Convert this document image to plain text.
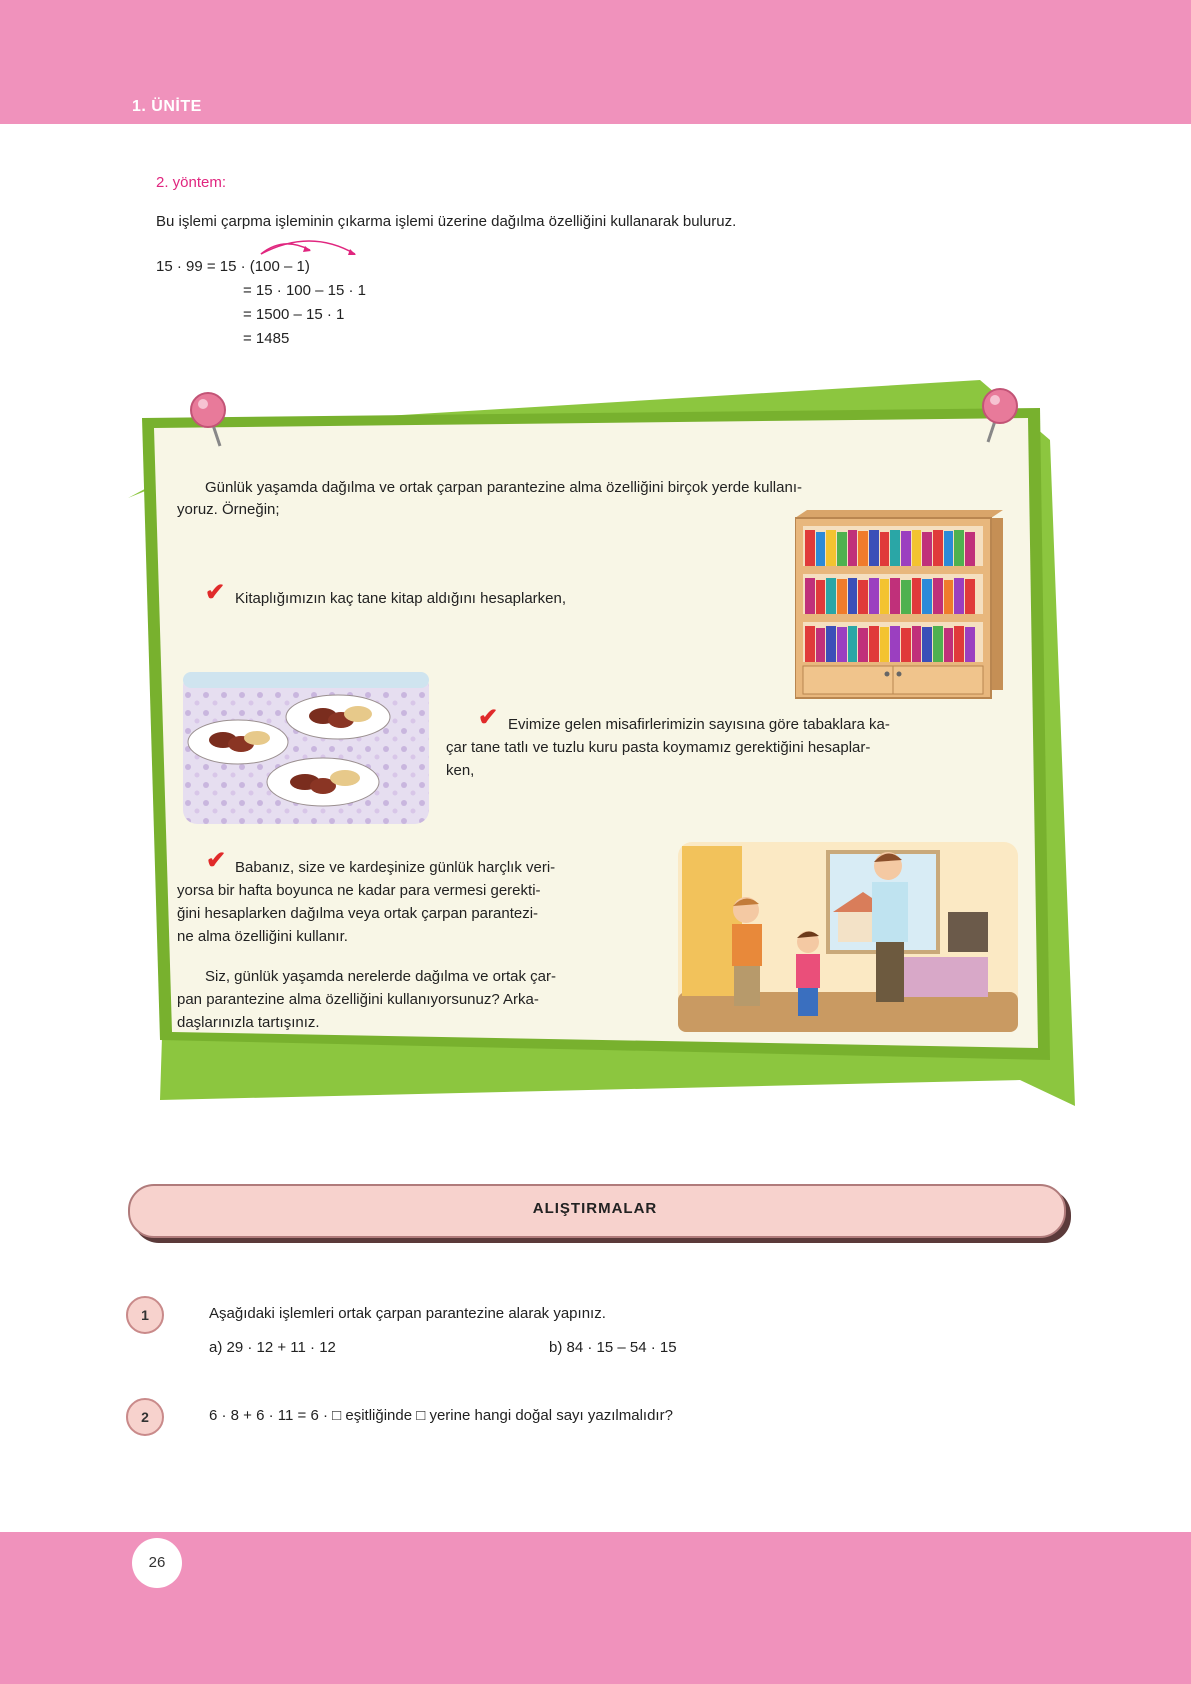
1. ÜNİTE
2. yöntem:
Bu işlemi çarpma işleminin çıkarma işlemi üzerine dağılma özelliğini kullanarak buluruz.
15 · 99 = 15 · (100 – 1)
= 15 · 100 – 15 · 1
= 1500 – 15 · 1
= 1485
Günlük yaşamda dağılma ve ortak çarpan parantezine alma özelliğini birçok yerde kullanı-
yoruz. Örneğin;
✔ Kitaplığımızın kaç tane kitap aldığını hesaplarken,
✔ Evimize gelen misafirlerimizin sayısına göre tabaklara ka-
çar tane tatlı ve tuzlu kuru pasta koymamız gerektiğini hesaplar-
ken,
✔ Babanız, size ve kardeşinize günlük harçlık veri-
yorsa bir hafta boyunca ne kadar para vermesi gerekti-
ğini hesaplarken dağılma veya ortak çarpan parantezi-
ne alma özelliğini kullanır.
Siz, günlük yaşamda nerelerde dağılma ve ortak çar-
pan parantezine alma özelliğini kullanıyorsunuz? Arka-
daşlarınızla tartışınız.
ALIŞTIRMALAR
1	Aşağıdaki işlemleri ortak çarpan parantezine alarak yapınız.
a) 29 · 12 + 11 · 12	b) 84 · 15 – 54 · 15
2	6 · 8 + 6 · 11 = 6 · □ eşitliğinde □ yerine hangi doğal sayı yazılmalıdır?
26
